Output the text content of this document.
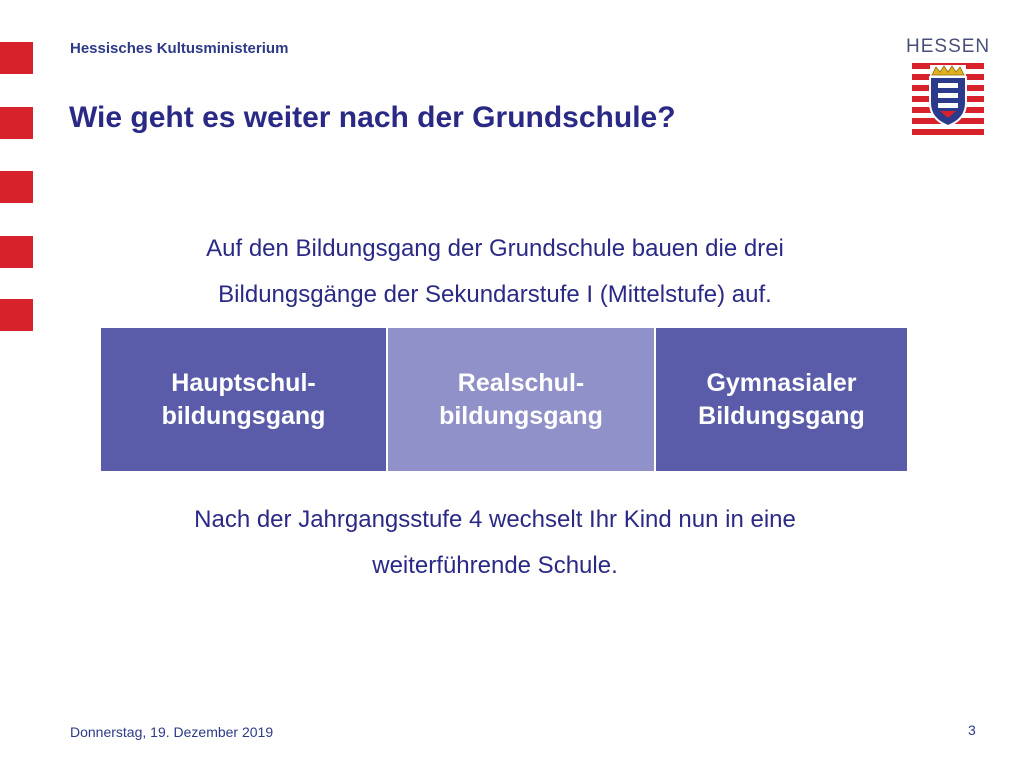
Hessisches Kultusministerium
Wie geht es weiter nach der Grundschule?
HESSEN
Auf den Bildungsgang der Grundschule bauen die drei
Bildungsgänge der Sekundarstufe I (Mittelstufe) auf.
Hauptschul-
bildungsgang
Realschul-
bildungsgang
Gymnasialer
Bildungsgang
Nach der Jahrgangsstufe 4 wechselt Ihr Kind nun in eine
weiterführende Schule.
Donnerstag, 19. Dezember 2019	3
